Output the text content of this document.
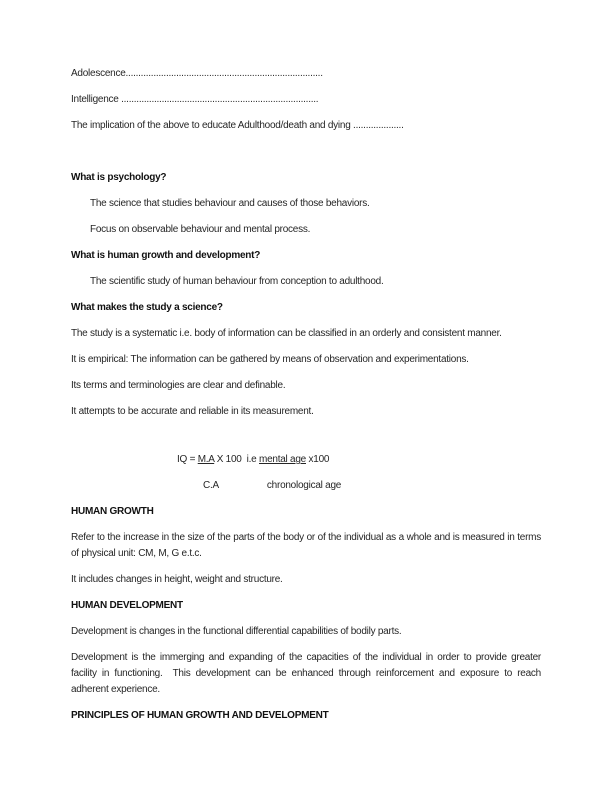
Adolescence..............................................................................
Intelligence ..............................................................................
The implication of the above to educate Adulthood/death and dying ....................
What is psychology?
The science that studies behaviour and causes of those behaviors.
Focus on observable behaviour and mental process.
What is human growth and development?
The scientific study of human behaviour from conception to adulthood.
What makes the study a science?
The study is a systematic i.e. body of information can be classified in an orderly and consistent manner.
It is empirical: The information can be gathered by means of observation and experimentations.
Its terms and terminologies are clear and definable.
It attempts to be accurate and reliable in its measurement.
IQ = M.A X 100  i.e mental age x100
C.A	chronological age
HUMAN GROWTH
Refer to the increase in the size of the parts of the body or of the individual as a whole and is measured in terms of physical unit: CM, M, G e.t.c.
It includes changes in height, weight and structure.
HUMAN DEVELOPMENT
Development is changes in the functional differential capabilities of bodily parts.
Development is the immerging and expanding of the capacities of the individual in order to provide greater facility in functioning.  This development can be enhanced through reinforcement and exposure to reach adherent experience.
PRINCIPLES OF HUMAN GROWTH AND DEVELOPMENT
